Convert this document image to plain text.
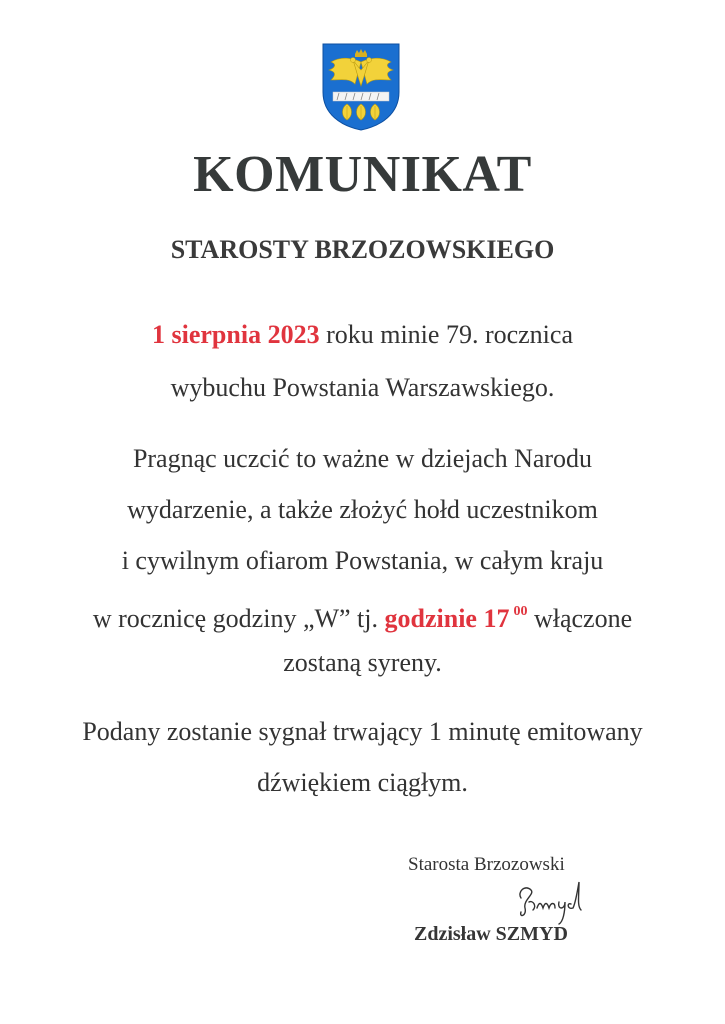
KOMUNIKAT
STAROSTY BRZOZOWSKIEGO
1 sierpnia 2023 roku minie 79. rocznica
wybuchu Powstania Warszawskiego.
Pragnąc uczcić to ważne w dziejach Narodu
wydarzenie, a także złożyć hołd uczestnikom
i cywilnym ofiarom Powstania, w całym kraju
w rocznicę godziny „W” tj. godzinie 17 $^{00}$ włączone
zostaną syreny.
Podany zostanie sygnał trwający 1 minutę emitowany
dźwiękiem ciągłym.
Starosta Brzozowski
Zdzisław SZMYD
